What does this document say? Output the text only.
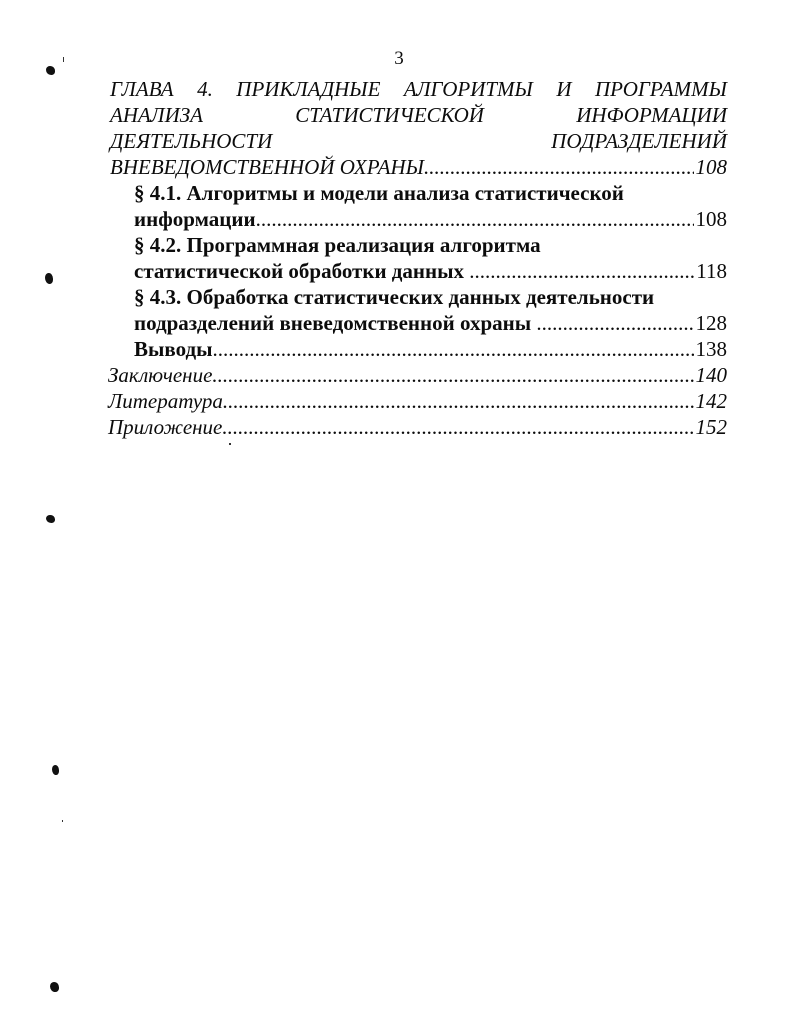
3
ГЛАВА 4. ПРИКЛАДНЫЕ АЛГОРИТМЫ И ПРОГРАММЫ
АНАЛИЗА	СТАТИСТИЧЕСКОЙ	ИНФОРМАЦИИ
ДЕЯТЕЛЬНОСТИ	ПОДРАЗДЕЛЕНИЙ
ВНЕВЕДОМСТВЕННОЙ ОХРАНЫ .....	108
§ 4.1. Алгоритмы и модели анализа статистической
информации .....	108
§ 4.2. Программная реализация алгоритма
статистической обработки данных .....	118
§ 4.3. Обработка статистических данных деятельности
подразделений вневедомственной охраны .....	128
Выводы .....	138
Заключение .....	140
Литература .....	142
Приложение .....	152
